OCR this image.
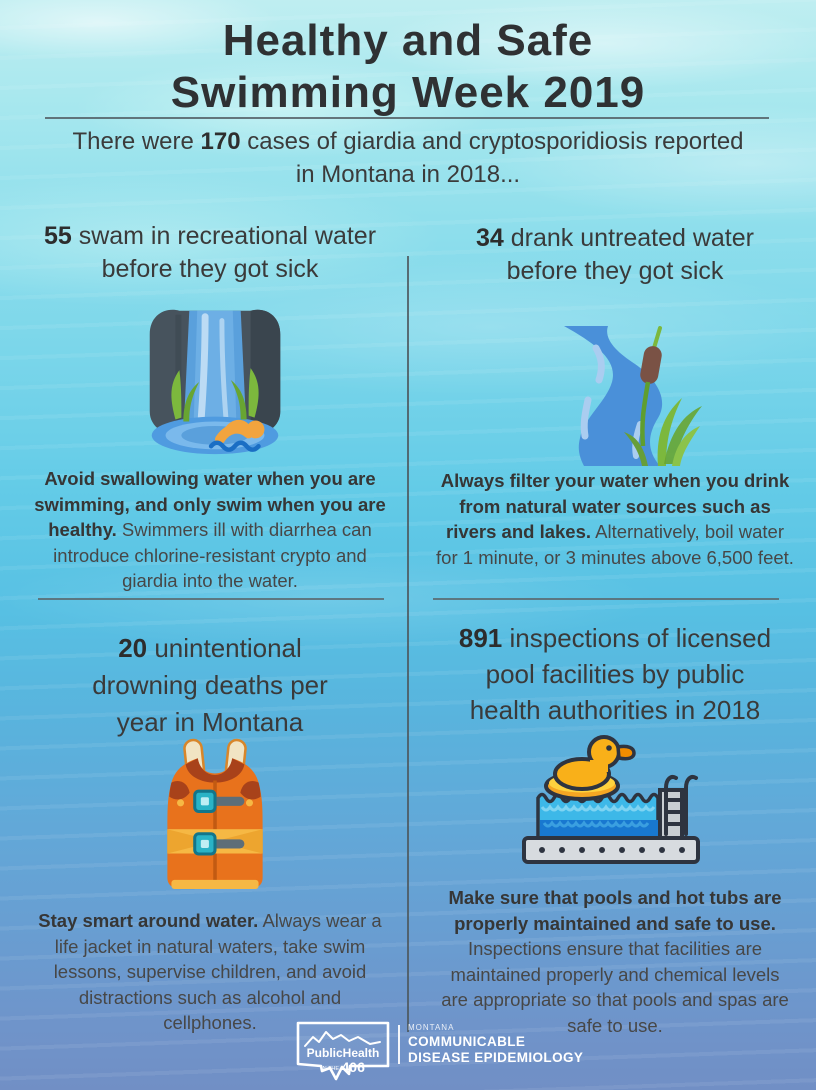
Healthy and Safe
Swimming Week 2019
There were 170 cases of giardia and cryptosporidiosis reported
in Montana in 2018...
55 swam in recreational water
before they got sick

Avoid swallowing water when you are swimming, and only swim when you are healthy. Swimmers ill with diarrhea can introduce chlorine-resistant crypto and giardia into the water.

34 drank untreated water
before they got sick

Always filter your water when you drink from natural water sources such as rivers and lakes. Alternatively, boil water for 1 minute, or 3 minutes above 6,500 feet.

20 unintentional
drowning deaths per
year in Montana

Stay smart around water. Always wear a life jacket in natural waters, take swim lessons, supervise children, and avoid distractions such as alcohol and cellphones.

891 inspections of licensed
pool facilities by public
health authorities in 2018

Make sure that pools and hot tubs are properly maintained and safe to use. Inspections ensure that facilities are maintained properly and chemical levels are appropriate so that pools and spas are safe to use.

PublicHealth
IN THE 406
MONTANA
COMMUNICABLE
DISEASE EPIDEMIOLOGY
